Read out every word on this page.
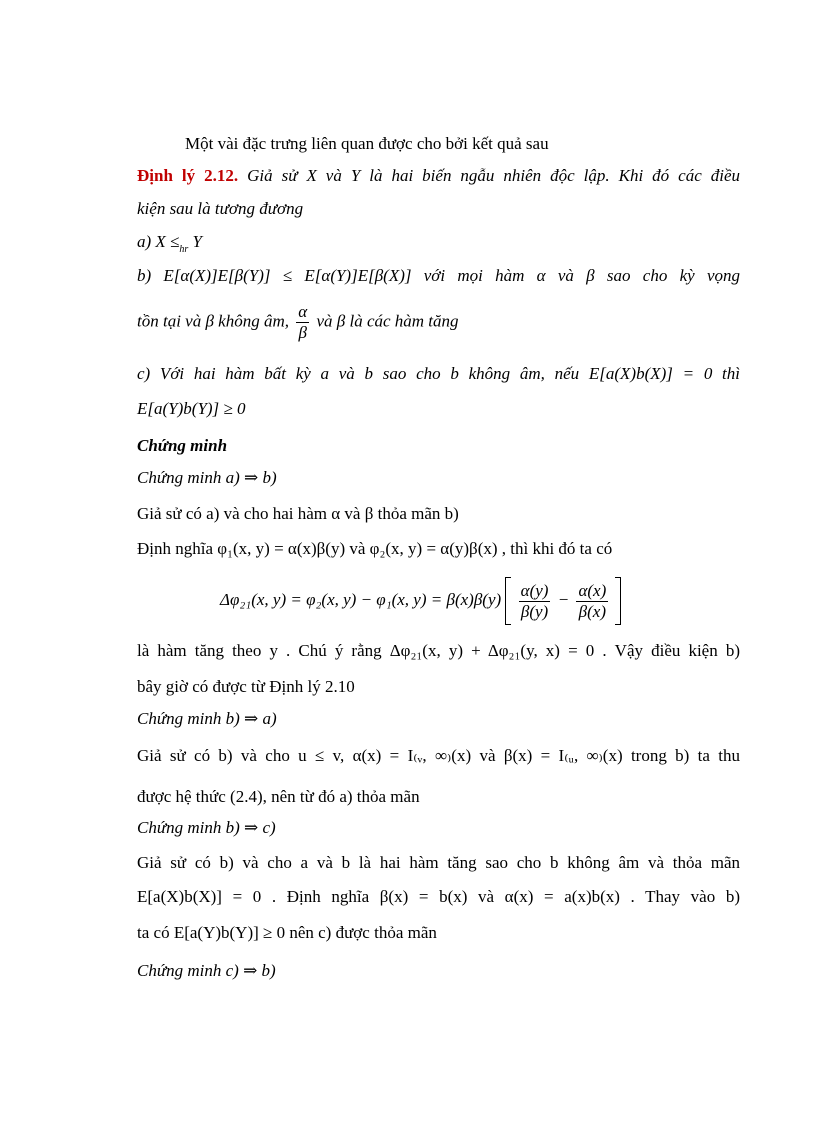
Một vài đặc trưng liên quan được cho bởi kết quả sau
Định lý 2.12. Giả sử X và Y là hai biến ngẫu nhiên độc lập. Khi đó các điều
kiện sau là tương đương
a) $X \le_{hr}$ Y
b) E[α(X)]E[β(Y)] ≤ E[α(Y)]E[β(X)] với mọi hàm α và β sao cho kỳ vọng
tồn tại và β không âm, $\frac{\alpha}{\beta}$ và β là các hàm tăng
c) Với hai hàm bất kỳ a và b sao cho b không âm, nếu E[a(X)b(X)] = 0 thì
E[a(Y)b(Y)] ≥ 0
Chứng minh
Chứng minh a) ⇒ b)
Giả sử có a) và cho hai hàm α và β thỏa mãn b)
Định nghĩa φ₁(x, y) = α(x)β(y) và φ₂(x, y) = α(y)β(x) , thì khi đó ta có
Δφ₂₁(x, y) = φ₂(x, y) − φ₁(x, $y) = \beta(x)\beta(y) \frac{\alpha(y)}{\beta(y)} - \frac{\alpha(x)}{\beta(x)}$

là hàm tăng theo y . Chú ý rằng Δφ₂₁(x, y) + Δφ₂₁(y, x) = 0 . Vậy điều kiện b)
bây giờ có được từ Định lý 2.10
Chứng minh b) ⇒ a)
Giả sử có b) và cho u ≤ v, α(x) = I₍ᵥ, ∞₎(x) và β(x) = I₍ᵤ, ∞₎(x) trong b) ta thu
được hệ thức (2.4), nên từ đó a) thỏa mãn
Chứng minh b) ⇒ c)
Giả sử có b) và cho a và b là hai hàm tăng sao cho b không âm và thỏa mãn
E[a(X)b(X)] = 0 . Định nghĩa β(x) = b(x) và α(x) = a(x)b(x) . Thay vào b)
ta có E[a(Y)b(Y)] ≥ 0 nên c) được thỏa mãn
Chứng minh c) ⇒ b)
